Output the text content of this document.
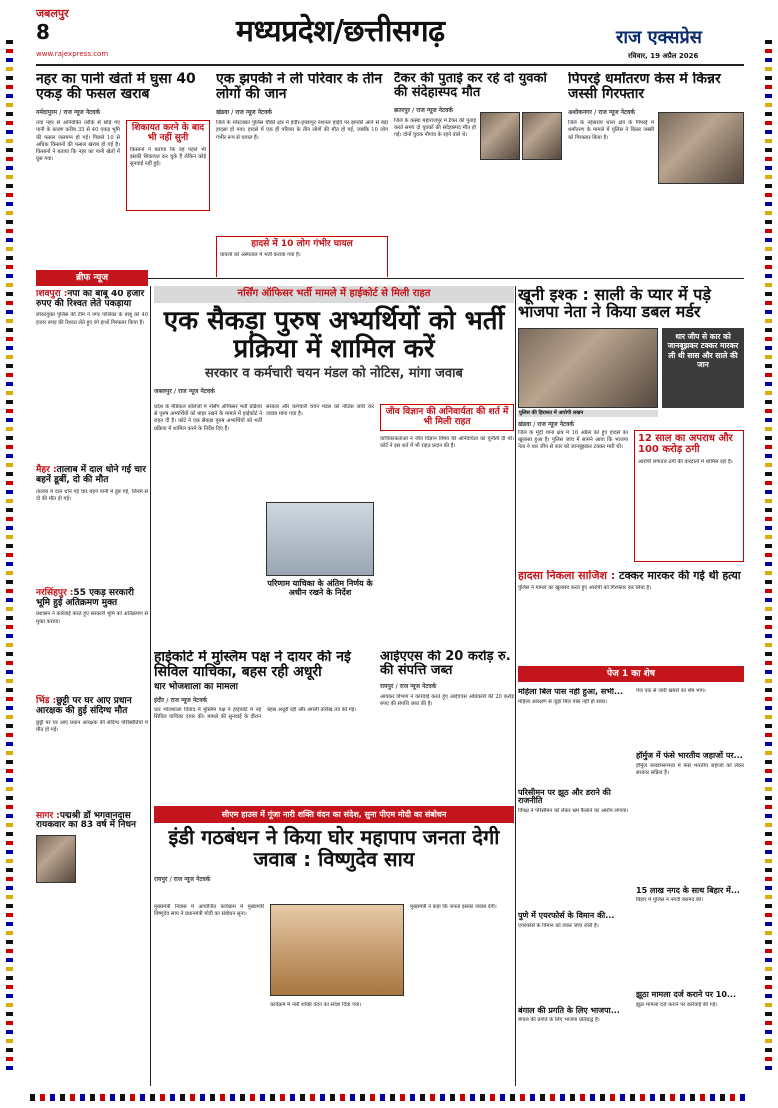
जबलपुर
8
www.rajexpress.com
मध्यप्रदेश/छत्तीसगढ़	राज एक्सप्रेस
रविवार, 19 अप्रैल 2026
नहर का पानी खेतों में घुसा 40 एकड़ की फसल खराब
नर्मदापुरम / राज न्यूज नेटवर्क
तवा नहर से अनियंत्रित तरीके से छोड़े गए पानी के कारण करीब 35 से 40 एकड़ भूमि की फसल जलमग्न हो गई। पिछले 10 से अधिक किसानों की फसल खराब हो गई है। किसानों ने बताया कि नहर का पानी खेतों में घुस गया।
शिकायत करने के बाद भी नहीं सुनी
किसानों ने बताया कि वह पहले भी इसकी शिकायत कर चुके हैं लेकिन कोई सुनवाई नहीं हुई।
एक झपकी ने ली परिवार के तीन लोगों की जान
खंडवा / राज न्यूज नेटवर्क
जिले के मोरटक्का पुलिस चौकी क्षेत्र में इंदौर-इच्छापुर नेशनल हाईवे पर झपकी आने से बड़ा हादसा हो गया। हादसे में एक ही परिवार के तीन लोगों की मौत हो गई, जबकि 10 लोग गंभीर रूप से घायल हैं।
हादसे में 10 लोग गंभीर घायल
घायलों को अस्पताल में भर्ती कराया गया है।
टैंकर की पुताई कर रहे दो युवकों की संदेहास्पद मौत
छतरपुर / राज न्यूज नेटवर्क
जिले के कस्बा महाराजपुर में टैंकर की पुताई करते समय दो युवकों की संदेहास्पद मौत हो गई। दोनों युवक नौगांव के रहने वाले थे।
पिपरई धर्मांतरण केस में किन्नर जस्सी गिरफ्तार
अशोकनगर / राज न्यूज नेटवर्क
जिले के नईसराय थाना क्षेत्र के पिपरई में धर्मांतरण के मामले में पुलिस ने किन्नर जस्सी को गिरफ्तार किया है।
ब्रीफ न्यूज
शिवपुरी :नपा का बाबू 40 हजार रुपए की रिश्वत लेते पकड़ाया
लोकायुक्त पुलिस की टीम ने नगर पालिका के बाबू को 40 हजार रुपए की रिश्वत लेते हुए रंगे हाथों गिरफ्तार किया है।
मैहर :तालाब में दाल धोने गई चार बहनें डूबीं, दो की मौत
तालाब में दाल धोने गई चार बहनें पानी में डूब गईं, जिनमें से दो की मौत हो गई।
नरसिंहपुर :55 एकड़ सरकारी भूमि हुई अतिक्रमण मुक्त
प्रशासन ने कार्रवाई करते हुए सरकारी भूमि को अतिक्रमण से मुक्त कराया।
भिंड :छुट्टी पर घर आए प्रधान आरक्षक की हुई संदिग्ध मौत
छुट्टी पर घर आए प्रधान आरक्षक की संदिग्ध परिस्थितियों में मौत हो गई।
सागर :पद्मश्री डॉ भगवानदास रायकवार का 83 वर्ष में निधन
नर्सिंग ऑफिसर भर्ती मामले में हाईकोर्ट से मिली राहत
एक सैकड़ा पुरुष अभ्यर्थियों को भर्ती प्रक्रिया में शामिल करें
सरकार व कर्मचारी चयन मंडल को नोटिस, मांगा जवाब
जबलपुर / राज न्यूज नेटवर्क
प्रदेश के मेडिकल कॉलेजों में नर्सिंग ऑफिसर भर्ती प्रक्रिया से पुरुष अभ्यर्थियों को बाहर रखने के मामले में हाईकोर्ट ने राहत दी है। कोर्ट ने एक सैकड़ा पुरुष अभ्यर्थियों को भर्ती प्रक्रिया में शामिल करने के निर्देश दिए हैं।
सरकार और कर्मचारी चयन मंडल को नोटिस जारी कर जवाब मांगा गया है।
परिणाम याचिका के अंतिम निर्णय के अधीन रखने के निर्देश
जीव विज्ञान की अनिवार्यता की शर्त में भी मिली राहत
याचिकाकर्ताओं ने जीव विज्ञान विषय की अनिवार्यता को चुनौती दी थी। कोर्ट ने इस शर्त में भी राहत प्रदान की है।
खूनी इश्क : साली के प्यार में पड़े भाजपा नेता ने किया डबल मर्डर
पुलिस की हिरासत में आरोपी लखन
थार जीप से कार को जानबूझकर टक्कर मारकर ली थी सास और साले की जान
खंडवा / राज न्यूज नेटवर्क
जिले के मूंदी थाना क्षेत्र में 16 अप्रैल को हुए हादसे का खुलासा हुआ है। पुलिस जांच में सामने आया कि भाजपा नेता ने थार जीप से कार को जानबूझकर टक्कर मारी थी।
12 साल का अपराध और 100 करोड़ ठगी
आरोपी लगातार ठगी की वारदातों में शामिल रहा है।
हादसा निकला साजिश : टक्कर मारकर की गई थी हत्या
पुलिस ने मामले का खुलासा करते हुए आरोपी को गिरफ्तार कर लिया है।
हाईकोर्ट में मुस्लिम पक्ष ने दायर की नई सिविल याचिका, बहस रही अधूरी
धार भोजशाला का मामला
इंदौर / राज न्यूज नेटवर्क
धार भोजशाला विवाद में मुस्लिम पक्ष ने हाईकोर्ट में नई सिविल याचिका दायर की। मामले की सुनवाई के दौरान बहस अधूरी रही और अगली तारीख तय की गई।
आईएएस की 20 करोड़ रु. की संपत्ति जब्त
रायपुर / राज न्यूज नेटवर्क
आयकर विभाग ने कार्रवाई करते हुए आईएएस अधिकारी की 20 करोड़ रुपए की संपत्ति जब्त की है।
सीएम हाउस में गूंजा नारी शक्ति वंदन का संदेश, सुना पीएम मोदी का संबोधन
इंडी गठबंधन ने किया घोर महापाप जनता देगी जवाब : विष्णुदेव साय
रायपुर / राज न्यूज नेटवर्क
मुख्यमंत्री निवास में आयोजित कार्यक्रम में मुख्यमंत्री विष्णुदेव साय ने प्रधानमंत्री मोदी का संबोधन सुना।
कार्यक्रम में नारी शक्ति वंदन का संदेश दिया गया।
मुख्यमंत्री ने कहा कि जनता इसका जवाब देगी।
पेज 1 का शेष
महिला बिल पास नहीं हुआ, सभी...
महिला आरक्षण से जुड़ा बिल पास नहीं हो सका।
परिसीमन पर झूठ और डराने की राजनीति
विपक्ष ने परिसीमन को लेकर भ्रम फैलाने का आरोप लगाया।
पुणे में एयरफोर्स के विमान की...
एयरफोर्स के विमान को लेकर जांच जारी है।
बंगाल की प्रगति के लिए भाजपा...
बंगाल की प्रगति के लिए भाजपा प्रतिबद्ध है।
पेज एक से जारी खबरों का शेष भाग।
हॉर्मुज में फंसे भारतीय जहाजों पर...
हॉर्मुज जलडमरूमध्य में फंसे भारतीय जहाजों को लेकर सरकार सक्रिय है।
15 लाख नगद के साथ बिहार में...
बिहार में पुलिस ने नगदी बरामद की।
झूठा मामला दर्ज कराने पर 10...
झूठा मामला दर्ज कराने पर कार्रवाई की गई।
